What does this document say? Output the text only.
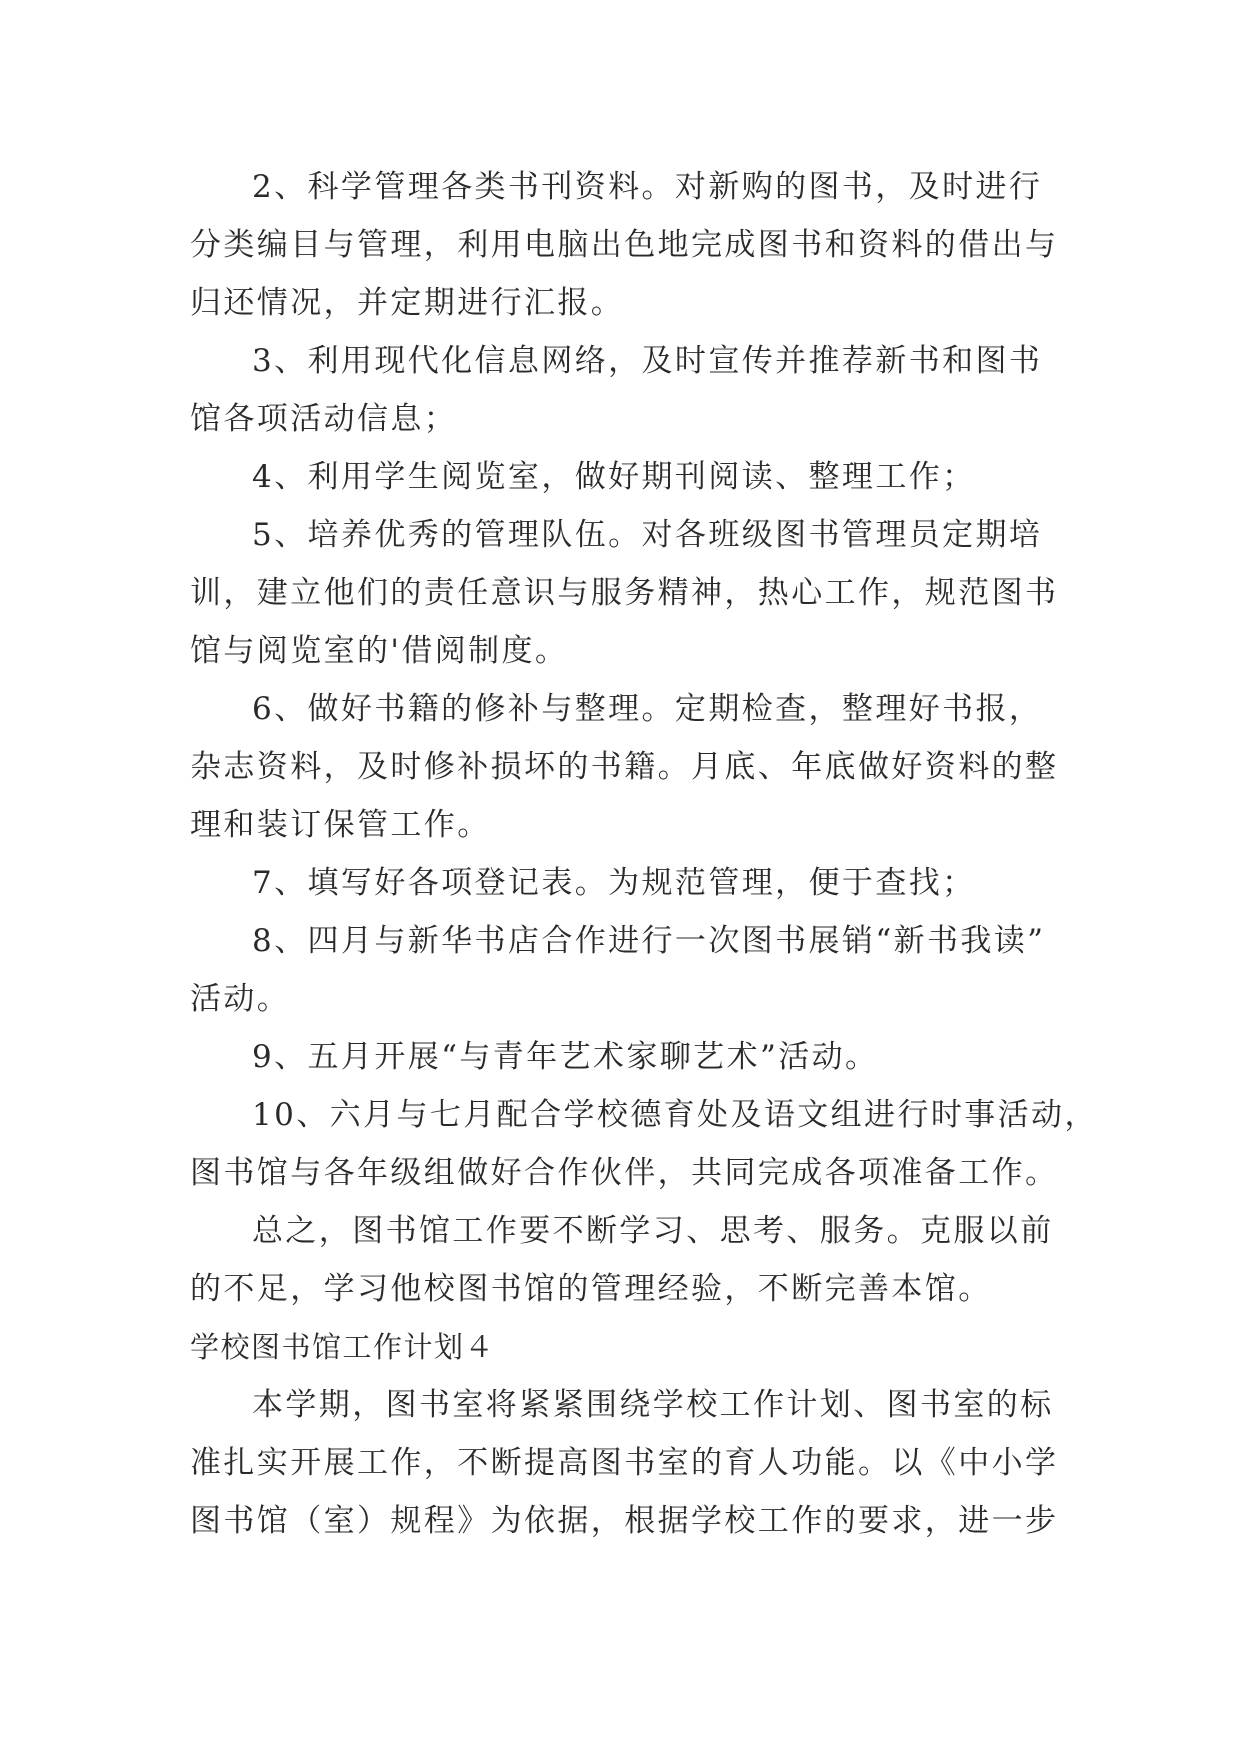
2、科学管理各类书刊资料。对新购的图书，及时进行
分类编目与管理，利用电脑出色地完成图书和资料的借出与
归还情况，并定期进行汇报。
3、利用现代化信息网络，及时宣传并推荐新书和图书
馆各项活动信息；
4、利用学生阅览室，做好期刊阅读、整理工作；
5、培养优秀的管理队伍。对各班级图书管理员定期培
训，建立他们的责任意识与服务精神，热心工作，规范图书
馆与阅览室的'借阅制度。
6、做好书籍的修补与整理。定期检查，整理好书报，
杂志资料，及时修补损坏的书籍。月底、年底做好资料的整
理和装订保管工作。
7、填写好各项登记表。为规范管理，便于查找；
8、四月与新华书店合作进行一次图书展销“新书我读”
活动。
9、五月开展“与青年艺术家聊艺术”活动。
10、六月与七月配合学校德育处及语文组进行时事活动，
图书馆与各年级组做好合作伙伴，共同完成各项准备工作。
总之，图书馆工作要不断学习、思考、服务。克服以前
的不足，学习他校图书馆的管理经验，不断完善本馆。
学校图书馆工作计划４
本学期，图书室将紧紧围绕学校工作计划、图书室的标
准扎实开展工作，不断提高图书室的育人功能。以《中小学
图书馆（室）规程》为依据，根据学校工作的要求，进一步
